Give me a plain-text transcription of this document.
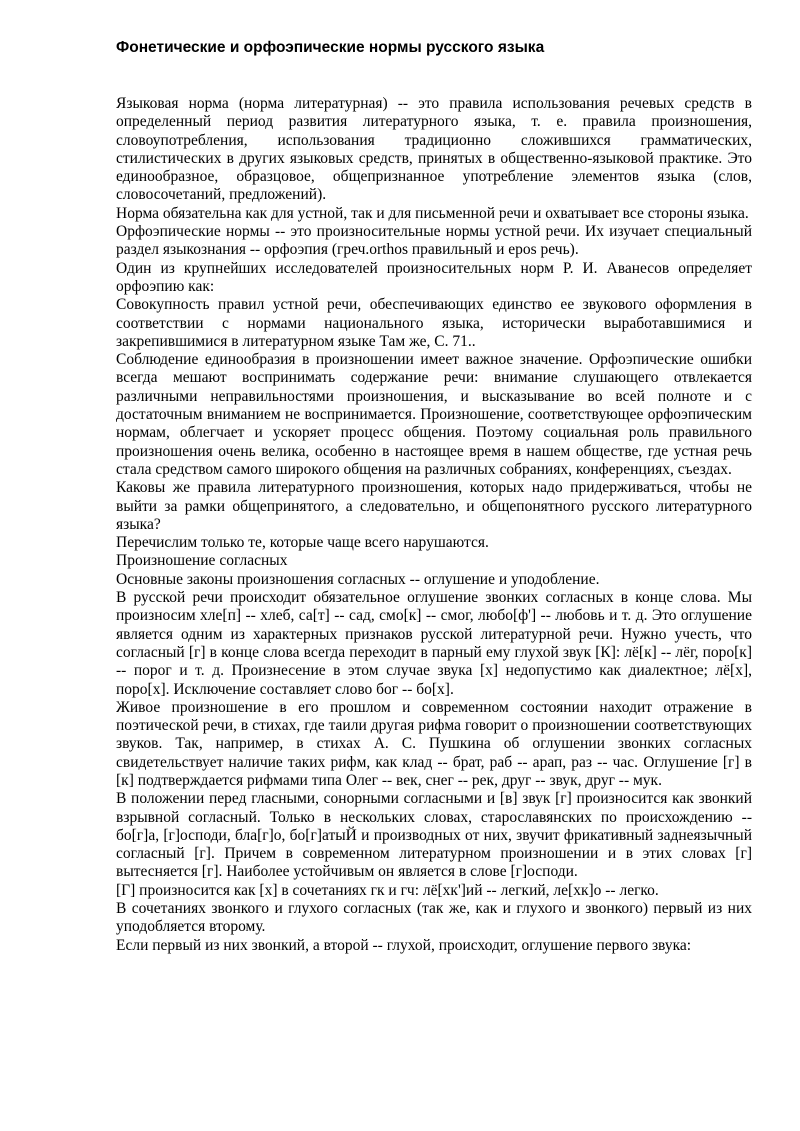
Фонетические и орфоэпические нормы русского языка

Языковая норма (норма литературная) -- это правила использования речевых средств в определенный период развития литературного языка, т. е. правила произношения, словоупотребления, использования традиционно сложившихся грамматических, стилистических в других языковых средств, принятых в общественно-языковой практике. Это единообразное, образцовое, общепризнанное употребление элементов языка (слов, словосочетаний, предложений).

Норма обязательна как для устной, так и для письменной речи и охватывает все стороны языка.

Орфоэпические нормы -- это произносительные нормы устной речи. Их изучает специальный раздел языкознания -- орфоэпия (греч.orthos правильный и epos речь).

Один из крупнейших исследователей произносительных норм Р. И. Аванесов определяет орфоэпию как:

Совокупность правил устной речи, обеспечивающих единство ее звукового оформления в соответствии с нормами национального языка, исторически выработавшимися и закрепившимися в литературном языке Там же, С. 71..

Соблюдение единообразия в произношении имеет важное значение. Орфоэпические ошибки всегда мешают воспринимать содержание речи: внимание слушающего отвлекается различными неправильностями произношения, и высказывание во всей полноте и с достаточным вниманием не воспринимается. Произношение, соответствующее орфоэпическим нормам, облегчает и ускоряет процесс общения. Поэтому социальная роль правильного произношения очень велика, особенно в настоящее время в нашем обществе, где устная речь стала средством самого широкого общения на различных собраниях, конференциях, съездах.

Каковы же правила литературного произношения, которых надо придерживаться, чтобы не выйти за рамки общепринятого, а следовательно, и общепонятного русского литературного языка?

Перечислим только те, которые чаще всего нарушаются.

Произношение согласных

Основные законы произношения согласных -- оглушение и уподобление.

В русской речи происходит обязательное оглушение звонких согласных в конце слова. Мы произносим хле[п] -- хлеб, са[т] -- сад, смо[к] -- смог, любо[ф'] -- любовь и т. д. Это оглушение является одним из характерных признаков русской литературной речи. Нужно учесть, что согласный [г] в конце слова всегда переходит в парный ему глухой звук [К]: лё[к] -- лёг, поро[к] -- порог и т. д. Произнесение в этом случае звука [х] недопустимо как диалектное; лё[х], поро[х]. Исключение составляет слово бог -- бо[х].

Живое произношение в его прошлом и современном состоянии находит отражение в поэтической речи, в стихах, где таили другая рифма говорит о произношении соответствующих звуков. Так, например, в стихах А. С. Пушкина об оглушении звонких согласных свидетельствует наличие таких рифм, как клад -- брат, раб -- арап, раз -- час. Оглушение [г] в [к] подтверждается рифмами типа Олег -- век, снег -- рек, друг -- звук, друг -- мук.

В положении перед гласными, сонорными согласными и [в] звук [г] произносится как звонкий взрывной согласный. Только в нескольких словах, старославянских по происхождению -- бо[г]а, [г]осподи, бла[г]о, бо[г]атыЙ и производных от них, звучит фрикативный заднеязычный согласный [г]. Причем в современном литературном произношении и в этих словах [г] вытесняется [г]. Наиболее устойчивым он является в слове [г]осподи.

[Г] произносится как [х] в сочетаниях гк и гч: лё[хк']ий -- легкий, ле[хк]о -- легко.

В сочетаниях звонкого и глухого согласных (так же, как и глухого и звонкого) первый из них уподобляется второму.

Если первый из них звонкий, а второй -- глухой, происходит, оглушение первого звука:
